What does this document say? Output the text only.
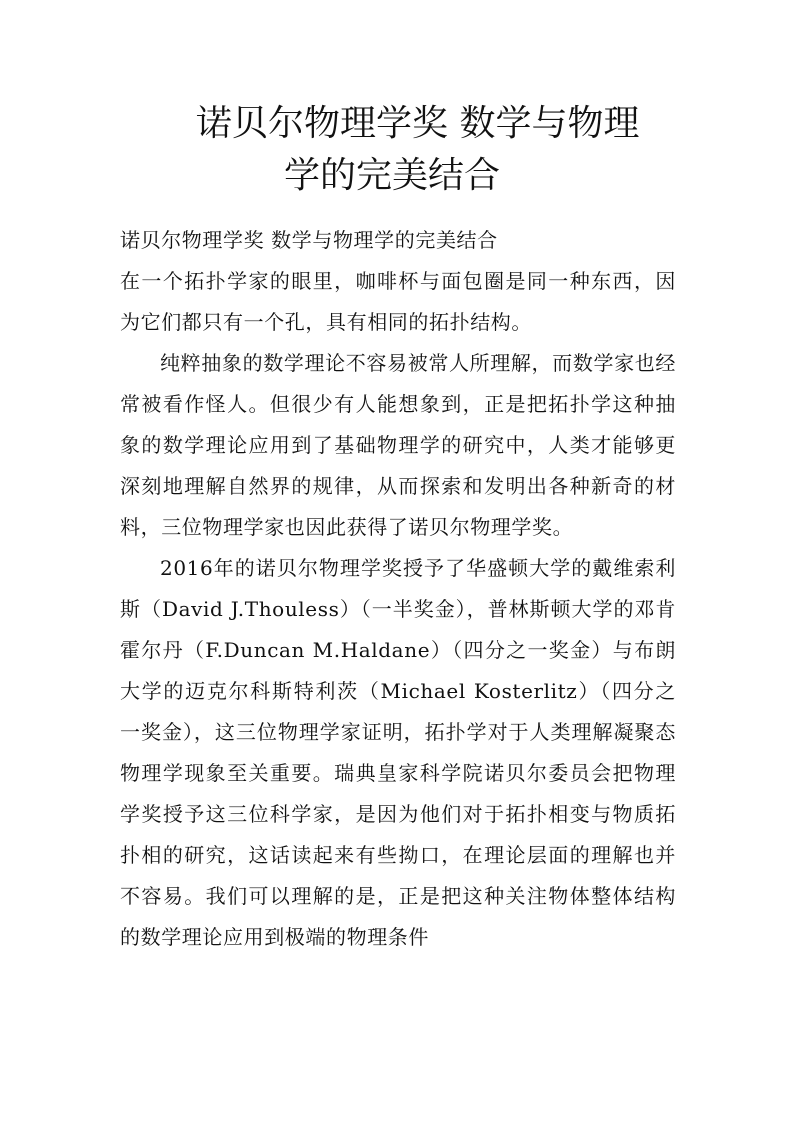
诺贝尔物理学奖 数学与物理
学的完美结合

诺贝尔物理学奖 数学与物理学的完美结合

在一个拓扑学家的眼里，咖啡杯与面包圈是同一种东西，因为它们都只有一个孔，具有相同的拓扑结构。

纯粹抽象的数学理论不容易被常人所理解，而数学家也经常被看作怪人。但很少有人能想象到，正是把拓扑学这种抽象的数学理论应用到了基础物理学的研究中，人类才能够更深刻地理解自然界的规律，从而探索和发明出各种新奇的材料，三位物理学家也因此获得了诺贝尔物理学奖。

2016年的诺贝尔物理学奖授予了华盛顿大学的戴维索利斯（David J.Thouless）（一半奖金），普林斯顿大学的邓肯霍尔丹（F.Duncan M.Haldane）（四分之一奖金）与布朗大学的迈克尔科斯特利茨（Michael Kosterlitz）（四分之一奖金），这三位物理学家证明，拓扑学对于人类理解凝聚态物理学现象至关重要。瑞典皇家科学院诺贝尔委员会把物理学奖授予这三位科学家，是因为他们对于拓扑相变与物质拓扑相的研究，这话读起来有些拗口，在理论层面的理解也并不容易。我们可以理解的是，正是把这种关注物体整体结构的数学理论应用到极端的物理条件
